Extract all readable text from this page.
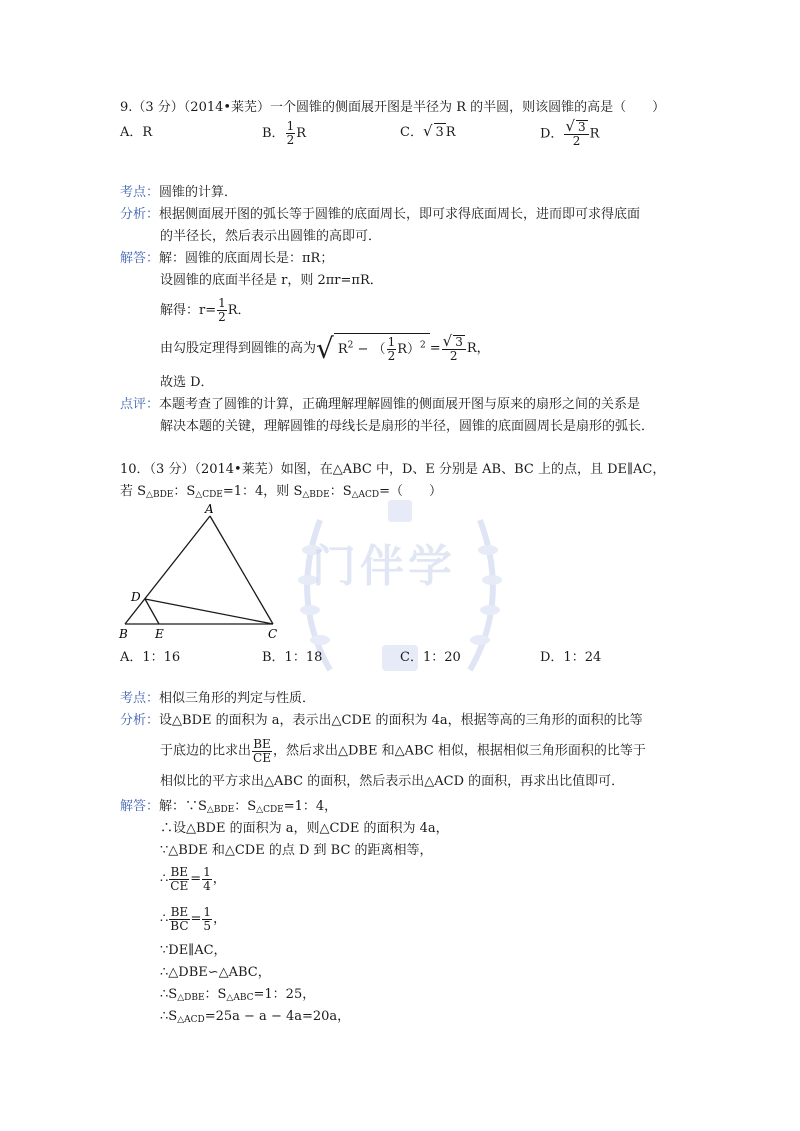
门伴学
9.（3 分）（2014•莱芜）一个圆锥的侧面展开图是半径为 R 的半圆，则该圆锥的高是（　　）
A．R	B． $\frac{1}{2}$ R	C．√ 3 R	D． $\frac{√ 3}{2}$ R
考点：圆锥的计算．
分析：根据侧面展开图的弧长等于圆锥的底面周长，即可求得底面周长，进而即可求得底面
的半径长，然后表示出圆锥的高即可．
解答：解：圆锥的底面周长是：πR；
设圆锥的底面半径是 r，则 2πr=πR．
解得：$r= \frac{1}{2}$ R．
由勾股定理得到圆锥的高为√ $R^2$ − （ $\frac{1}{2} R)^2 = \frac{√ 3}{2}$ R，
故选 D．
点评：本题考查了圆锥的计算，正确理解理解圆锥的侧面展开图与原来的扇形之间的关系是
解决本题的关键，理解圆锥的母线长是扇形的半径，圆锥的底面圆周长是扇形的弧长．
10．（3 分）（2014•莱芜）如图，在△ABC 中，D、E 分别是 AB、BC 上的点，且 DE∥AC，
若 $S_{\triangle BDE}$：$S_{\triangle CDE}=1$：4，则 $S_{\triangle BDE}$：$S_{\triangle ACD}=$（　　）
A
B	C
D
E
A．1：16	B．1：18	C．1：20	D．1：24
考点：相似三角形的判定与性质．
分析：设△BDE 的面积为 a，表示出△CDE 的面积为 4a，根据等高的三角形的面积的比等
于底边的比求出 $\frac{BE}{CE}$ ，然后求出△DBE 和△ABC 相似，根据相似三角形面积的比等于
相似比的平方求出△ABC 的面积，然后表示出△ACD 的面积，再求出比值即可．
解答：解：$\because S_{\triangle BDE}$：$S_{\triangle CDE}=1$：4，
∴设△BDE 的面积为 a，则△CDE 的面积为 4a，
∵△BDE 和△CDE 的点 D 到 BC 的距离相等，
∴ $\frac{BE}{CE} = \frac{1}{4}$ ，
∴ $\frac{BE}{BC} = \frac{1}{5}$ ，
∵DE∥AC，
∴△DBE∽△ABC，
$\therefore S_{\triangle DBE}$：$S_{\triangle ABC}=1$：25，
$\therefore S_{\triangle ACD}=25a - a - 4a=20a$，
